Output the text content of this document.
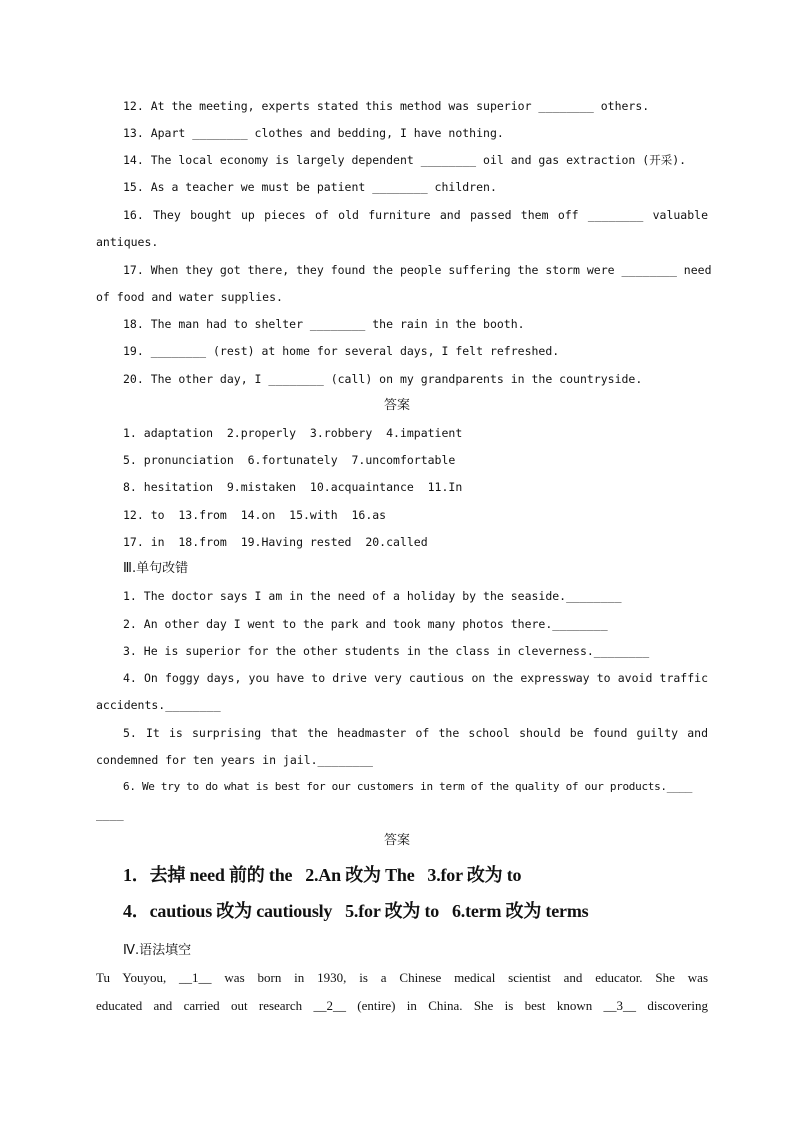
12. At the meeting, experts stated this method was superior ________ others.
13. Apart ________ clothes and bedding, I have nothing.
14. The local economy is largely dependent ________ oil and gas extraction (开采).
15. As a teacher we must be patient ________ children.
16. They bought up pieces of old furniture and passed them off ________ valuable
antiques.
17. When they got there, they found the people suffering the storm were ________ need
of food and water supplies.
18. The man had to shelter ________ the rain in the booth.
19. ________ (rest) at home for several days, I felt refreshed.
20. The other day, I ________ (call) on my grandparents in the countryside.
答案
1. adaptation  2.properly  3.robbery  4.impatient
5. pronunciation  6.fortunately  7.uncomfortable
8. hesitation  9.mistaken  10.acquaintance  11.In
12. to  13.from  14.on  15.with  16.as
17. in  18.from  19.Having rested  20.called
Ⅲ.单句改错
1. The doctor says I am in the need of a holiday by the seaside.________
2. An other day I went to the park and took many photos there.________
3. He is superior for the other students in the class in cleverness.________
4. On foggy days, you have to drive very cautious on the expressway to avoid traffic
accidents.________
5. It is surprising that the headmaster of the school should be found guilty and
condemned for ten years in jail.________
6. We try to do what is best for our customers in term of the quality of our products.____
____
答案
1．去掉 need 前的 the   2.An 改为 The   3.for 改为 to
4．cautious 改为 cautiously   5.for 改为 to   6.term 改为 terms
Ⅳ.语法填空
Tu Youyou, __1__ was born in 1930, is a Chinese medical scientist and educator. She was
educated and carried out research __2__ (entire) in China. She is best known __3__ discovering
